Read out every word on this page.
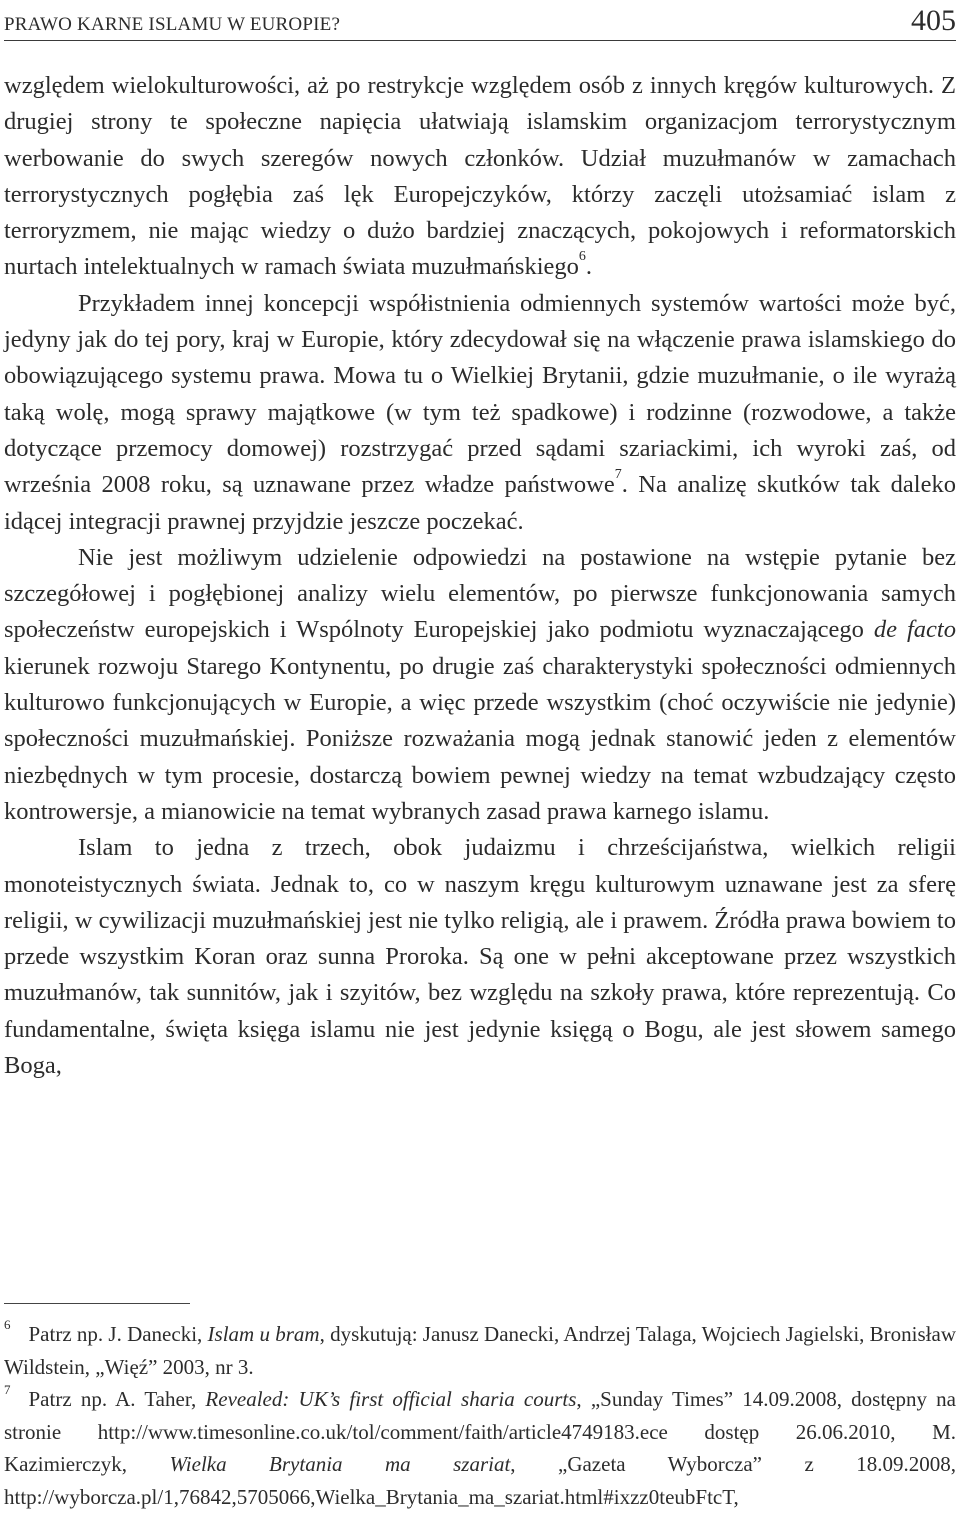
PRAWO KARNE ISLAMU W EUROPIE?	405

względem wielokulturowości, aż po restrykcje względem osób z innych kręgów kulturowych. Z drugiej strony te społeczne napięcia ułatwiają islamskim organizacjom terrorystycznym werbowanie do swych szeregów nowych członków. Udział muzułmanów w zamachach terrorystycznych pogłębia zaś lęk Europejczyków, którzy zaczęli utożsamiać islam z terroryzmem, nie mając wiedzy o dużo bardziej znaczących, pokojowych i reformatorskich nurtach intelektualnych w ramach świata muzułmańskiego$^6$.

Przykładem innej koncepcji współistnienia odmiennych systemów wartości może być, jedyny jak do tej pory, kraj w Europie, który zdecydował się na włączenie prawa islamskiego do obowiązującego systemu prawa. Mowa tu o Wielkiej Brytanii, gdzie muzułmanie, o ile wyrażą taką wolę, mogą sprawy majątkowe (w tym też spadkowe) i rodzinne (rozwodowe, a także dotyczące przemocy domowej) rozstrzygać przed sądami szariackimi, ich wyroki zaś, od września 2008 roku, są uznawane przez władze państwowe$^7$. Na analizę skutków tak daleko idącej integracji prawnej przyjdzie jeszcze poczekać.

Nie jest możliwym udzielenie odpowiedzi na postawione na wstępie pytanie bez szczegółowej i pogłębionej analizy wielu elementów, po pierwsze funkcjonowania samych społeczeństw europejskich i Wspólnoty Europejskiej jako podmiotu wyznaczającego de facto kierunek rozwoju Starego Kontynentu, po drugie zaś charakterystyki społeczności odmiennych kulturowo funkcjonujących w Europie, a więc przede wszystkim (choć oczywiście nie jedynie) społeczności muzułmańskiej. Poniższe rozważania mogą jednak stanowić jeden z elementów niezbędnych w tym procesie, dostarczą bowiem pewnej wiedzy na temat wzbudzający często kontrowersje, a mianowicie na temat wybranych zasad prawa karnego islamu.

Islam to jedna z trzech, obok judaizmu i chrześcijaństwa, wielkich religii monoteistycznych świata. Jednak to, co w naszym kręgu kulturowym uznawane jest za sferę religii, w cywilizacji muzułmańskiej jest nie tylko religią, ale i prawem. Źródła prawa bowiem to przede wszystkim Koran oraz sunna Proroka. Są one w pełni akceptowane przez wszystkich muzułmanów, tak sunnitów, jak i szyitów, bez względu na szkoły prawa, które reprezentują. Co fundamentalne, święta księga islamu nie jest jedynie księgą o Bogu, ale jest słowem samego Boga,

$^6$ Patrz np. J. Danecki, Islam u bram, dyskutują: Janusz Danecki, Andrzej Talaga, Wojciech Jagielski, Bronisław Wildstein, „Więź” 2003, nr 3.

$^7$ Patrz np. A. Taher, Revealed: UK’s first official sharia courts, „Sunday Times” 14.09.2008, dostępny na stronie http://www.timesonline.co.uk/tol/comment/faith/article4749183.ece dostęp 26.06.2010, M. Kazimierczyk, Wielka Brytania ma szariat, „Gazeta Wyborcza” z 18.09.2008, http://wyborcza.pl/1,76842,5705066,Wielka_Brytania_ma_szariat.html#ixzz0teubFtcT,
